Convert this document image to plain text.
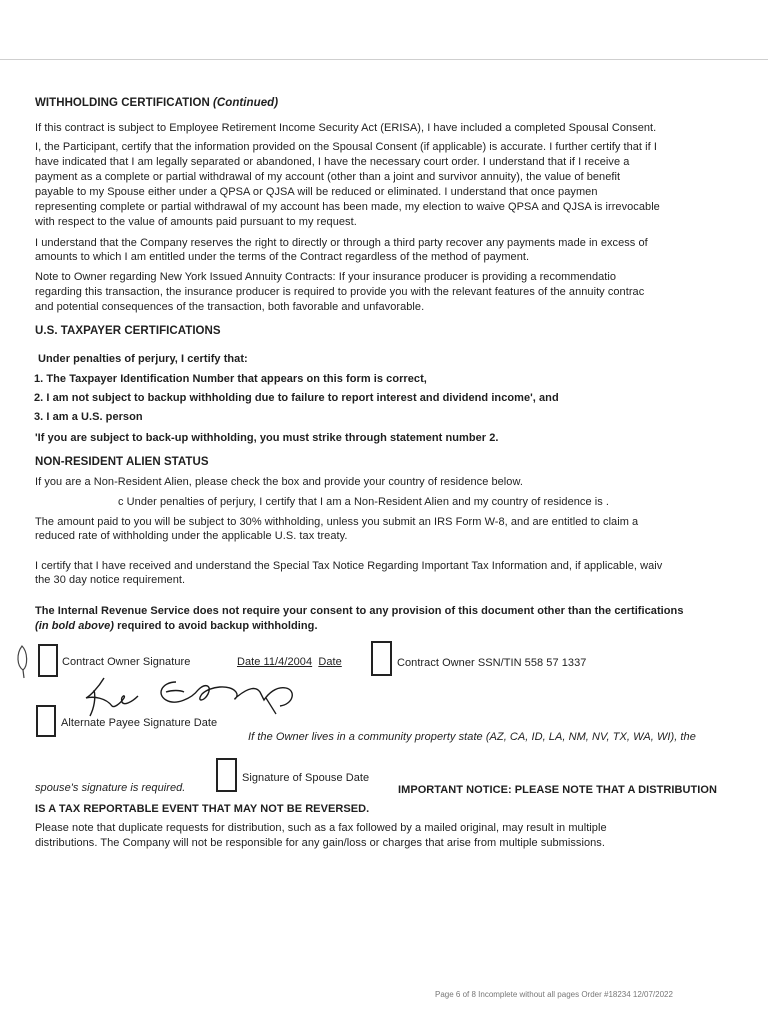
WITHHOLDING CERTIFICATION (Continued)
If this contract is subject to Employee Retirement Income Security Act (ERISA), I have included a completed Spousal Consent.
I, the Participant, certify that the information provided on the Spousal Consent (if applicable) is accurate. I further certify that if I
have indicated that I am legally separated or abandoned, I have the necessary court order. I understand that if I receive a
payment as a complete or partial withdrawal of my account (other than a joint and survivor annuity), the value of benefit
payable to my Spouse either under a QPSA or QJSA will be reduced or eliminated. I understand that once paymen
representing complete or partial withdrawal of my account has been made, my election to waive QPSA and QJSA is irrevocable
with respect to the value of amounts paid pursuant to my request.
I understand that the Company reserves the right to directly or through a third party recover any payments made in excess of
amounts to which I am entitled under the terms of the Contract regardless of the method of payment.
Note to Owner regarding New York Issued Annuity Contracts: If your insurance producer is providing a recommendatio
regarding this transaction, the insurance producer is required to provide you with the relevant features of the annuity contrac
and potential consequences of the transaction, both favorable and unfavorable.
U.S. TAXPAYER CERTIFICATIONS
Under penalties of perjury, I certify that:
1. The Taxpayer Identification Number that appears on this form is correct,
2. I am not subject to backup withholding due to failure to report interest and dividend income', and
3. I am a U.S. person
'If you are subject to back-up withholding, you must strike through statement number 2.
NON-RESIDENT ALIEN STATUS
If you are a Non-Resident Alien, please check the box and provide your country of residence below.
c Under penalties of perjury, I certify that I am a Non-Resident Alien and my country of residence is .
The amount paid to you will be subject to 30% withholding, unless you submit an IRS Form W-8, and are entitled to claim a
reduced rate of withholding under the applicable U.S. tax treaty.
I certify that I have received and understand the Special Tax Notice Regarding Important Tax Information and, if applicable, waiv
the 30 day notice requirement.
The Internal Revenue Service does not require your consent to any provision of this document other than the certifications
(in bold above) required to avoid backup withholding.
Contract Owner Signature	Date 11/4/2004 Date	Contract Owner SSN/TIN 558 57 1337
Alternate Payee Signature Date
If the Owner lives in a community property state (AZ, CA, ID, LA, NM, NV, TX, WA, WI), the
spouse's signature is required.
Signature of Spouse Date
IMPORTANT NOTICE: PLEASE NOTE THAT A DISTRIBUTION
IS A TAX REPORTABLE EVENT THAT MAY NOT BE REVERSED.
Please note that duplicate requests for distribution, such as a fax followed by a mailed original, may result in multiple
distributions. The Company will not be responsible for any gain/loss or charges that arise from multiple submissions.
Page 6 of 8 Incomplete without all pages Order #18234 12/07/2022
